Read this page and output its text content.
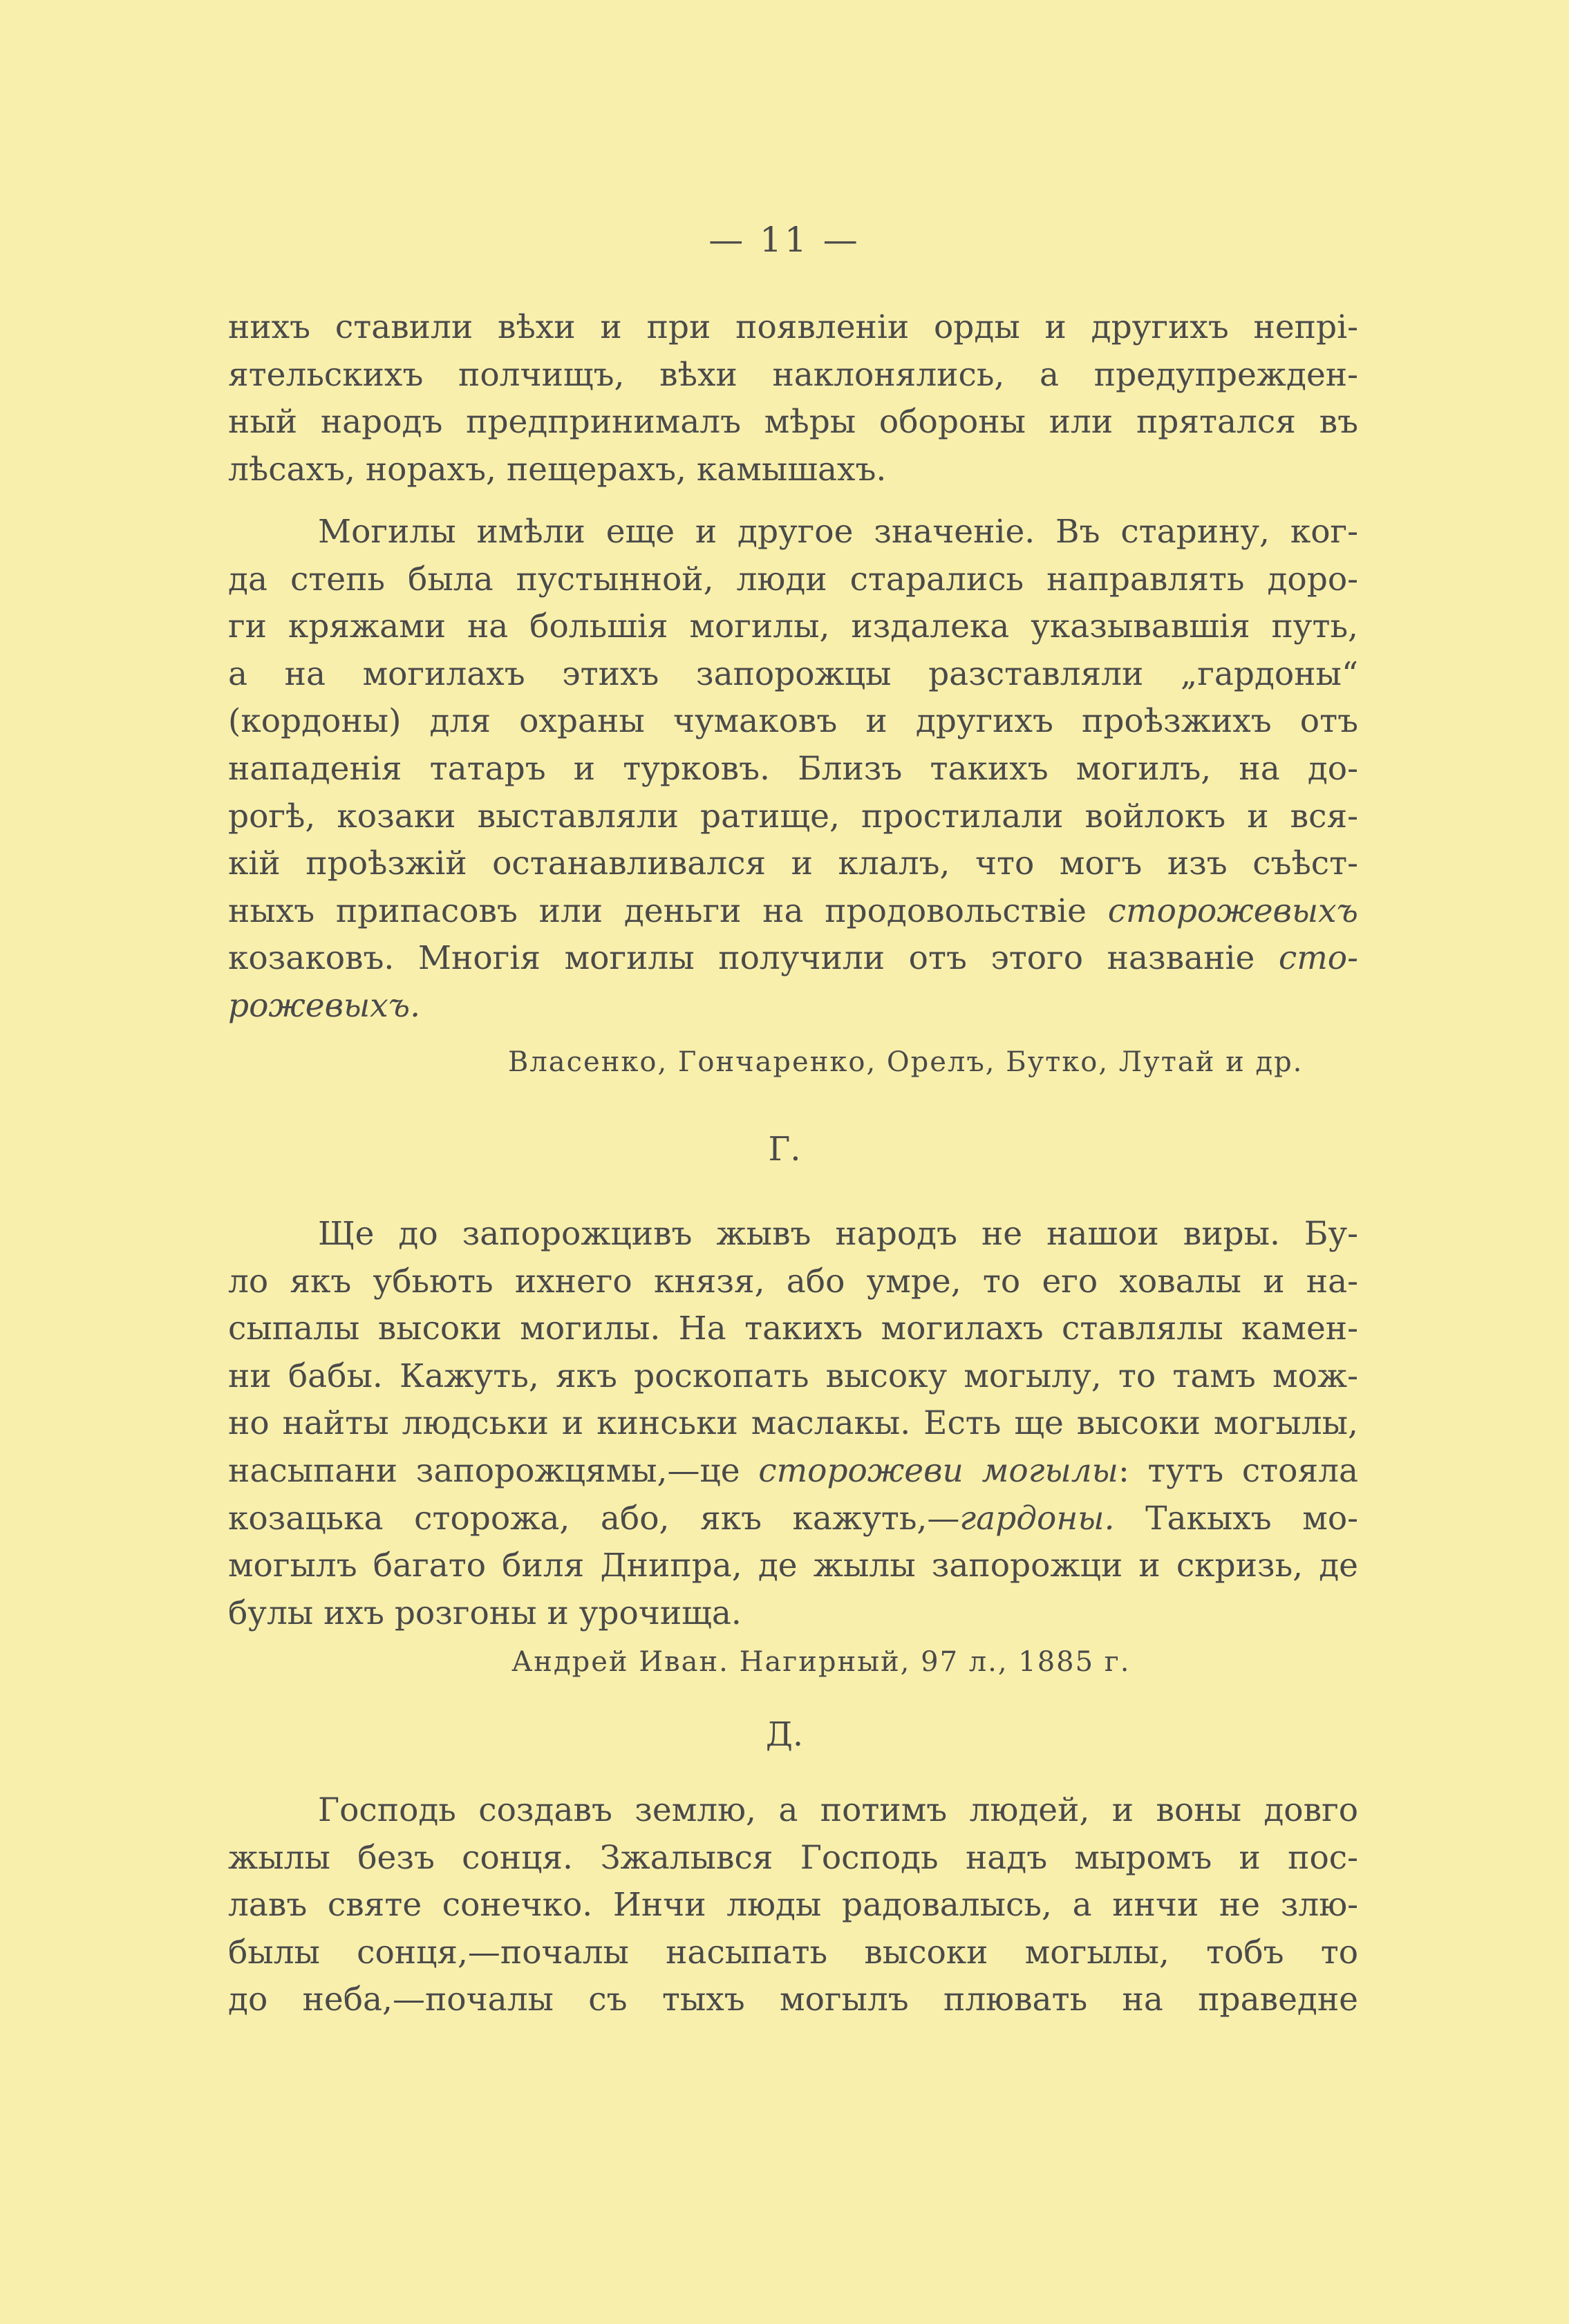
— 11 —
нихъ ставили вѣхи и при появленіи орды и другихъ непрі-
ятельскихъ полчищъ, вѣхи наклонялись, а предупрежден-
ный народъ предпринималъ мѣры обороны или прятался въ
лѣсахъ, норахъ, пещерахъ, камышахъ.
Могилы имѣли еще и другое значеніе. Въ старину, ког-
да степь была пустынной, люди старались направлять доро-
ги кряжами на большія могилы, издалека указывавшія путь,
а на могилахъ этихъ запорожцы разставляли „гардоны“
(кордоны) для охраны чумаковъ и другихъ проѣзжихъ отъ
нападенія татаръ и турковъ. Близъ такихъ могилъ, на до-
рогѣ, козаки выставляли ратище, простилали войлокъ и вся-
кій проѣзжій останавливался и клалъ, что могъ изъ съѣст-
ныхъ припасовъ или деньги на продовольствіе сторожевыхъ
козаковъ. Многія могилы получили отъ этого названіе сто-
рожевыхъ.
Власенко, Гончаренко, Орелъ, Бутко, Лутай и др.
Г.
Ще до запорожцивъ жывъ народъ не нашои виры. Бу-
ло якъ убьють ихнего князя, або умре, то его ховалы и на-
сыпалы высоки могилы. На такихъ могилахъ ставлялы камен-
ни бабы. Кажуть, якъ роскопать высоку могылу, то тамъ мож-
но найты людськи и кинськи маслакы. Есть ще высоки могылы,
насыпани запорожцямы,—це сторожеви могылы: тутъ стояла
козацька сторожа, або, якъ кажуть,—гардоны. Такыхъ мо-
могылъ багато биля Днипра, де жылы запорожци и скризь, де
булы ихъ розгоны и урочища.
Андрей Иван. Нагирный, 97 л., 1885 г.
Д.
Господь создавъ землю, а потимъ людей, и воны довго
жылы безъ сонця. Зжалывся Господь надъ мыромъ и пос-
лавъ святе сонечко. Инчи люды радовалысь, а инчи не злю-
былы сонця,—почалы насыпать высоки могылы, тобъ то
до неба,—почалы съ тыхъ могылъ плювать на праведне
